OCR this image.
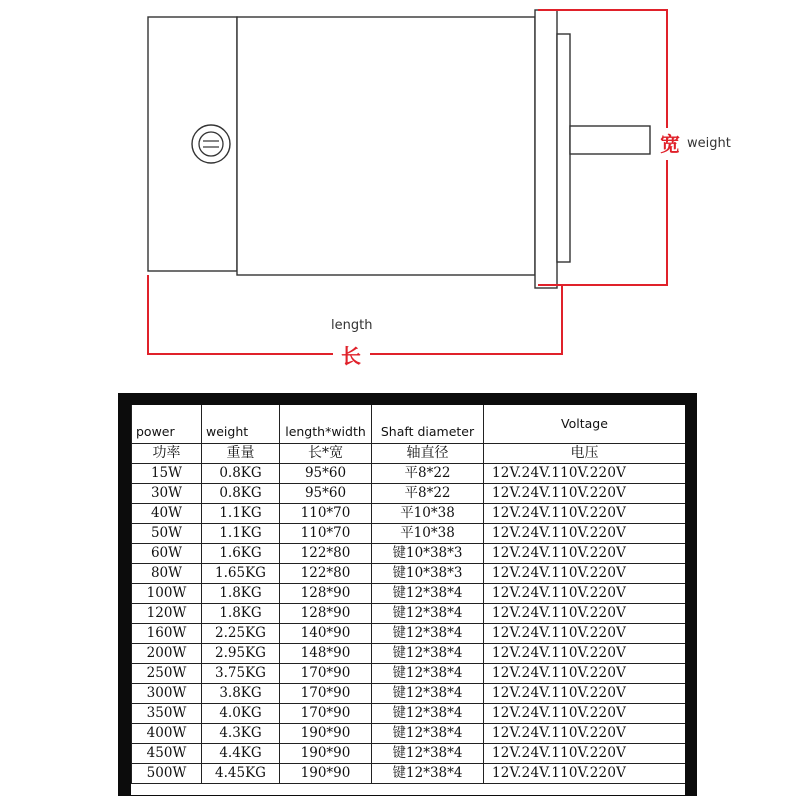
宽 weight
长
length
power	weight	length*width	Shaft diameter	Voltage
功率	重量	长*宽	轴直径	电压
15W	0.8KG	95*60	平8*22	12V.24V.110V.220V
30W	0.8KG	95*60	平8*22	12V.24V.110V.220V
40W	1.1KG	110*70	平10*38	12V.24V.110V.220V
50W	1.1KG	110*70	平10*38	12V.24V.110V.220V
60W	1.6KG	122*80	键10*38*3	12V.24V.110V.220V
80W	1.65KG	122*80	键10*38*3	12V.24V.110V.220V
100W	1.8KG	128*90	键12*38*4	12V.24V.110V.220V
120W	1.8KG	128*90	键12*38*4	12V.24V.110V.220V
160W	2.25KG	140*90	键12*38*4	12V.24V.110V.220V
200W	2.95KG	148*90	键12*38*4	12V.24V.110V.220V
250W	3.75KG	170*90	键12*38*4	12V.24V.110V.220V
300W	3.8KG	170*90	键12*38*4	12V.24V.110V.220V
350W	4.0KG	170*90	键12*38*4	12V.24V.110V.220V
400W	4.3KG	190*90	键12*38*4	12V.24V.110V.220V
450W	4.4KG	190*90	键12*38*4	12V.24V.110V.220V
500W	4.45KG	190*90	键12*38*4	12V.24V.110V.220V
